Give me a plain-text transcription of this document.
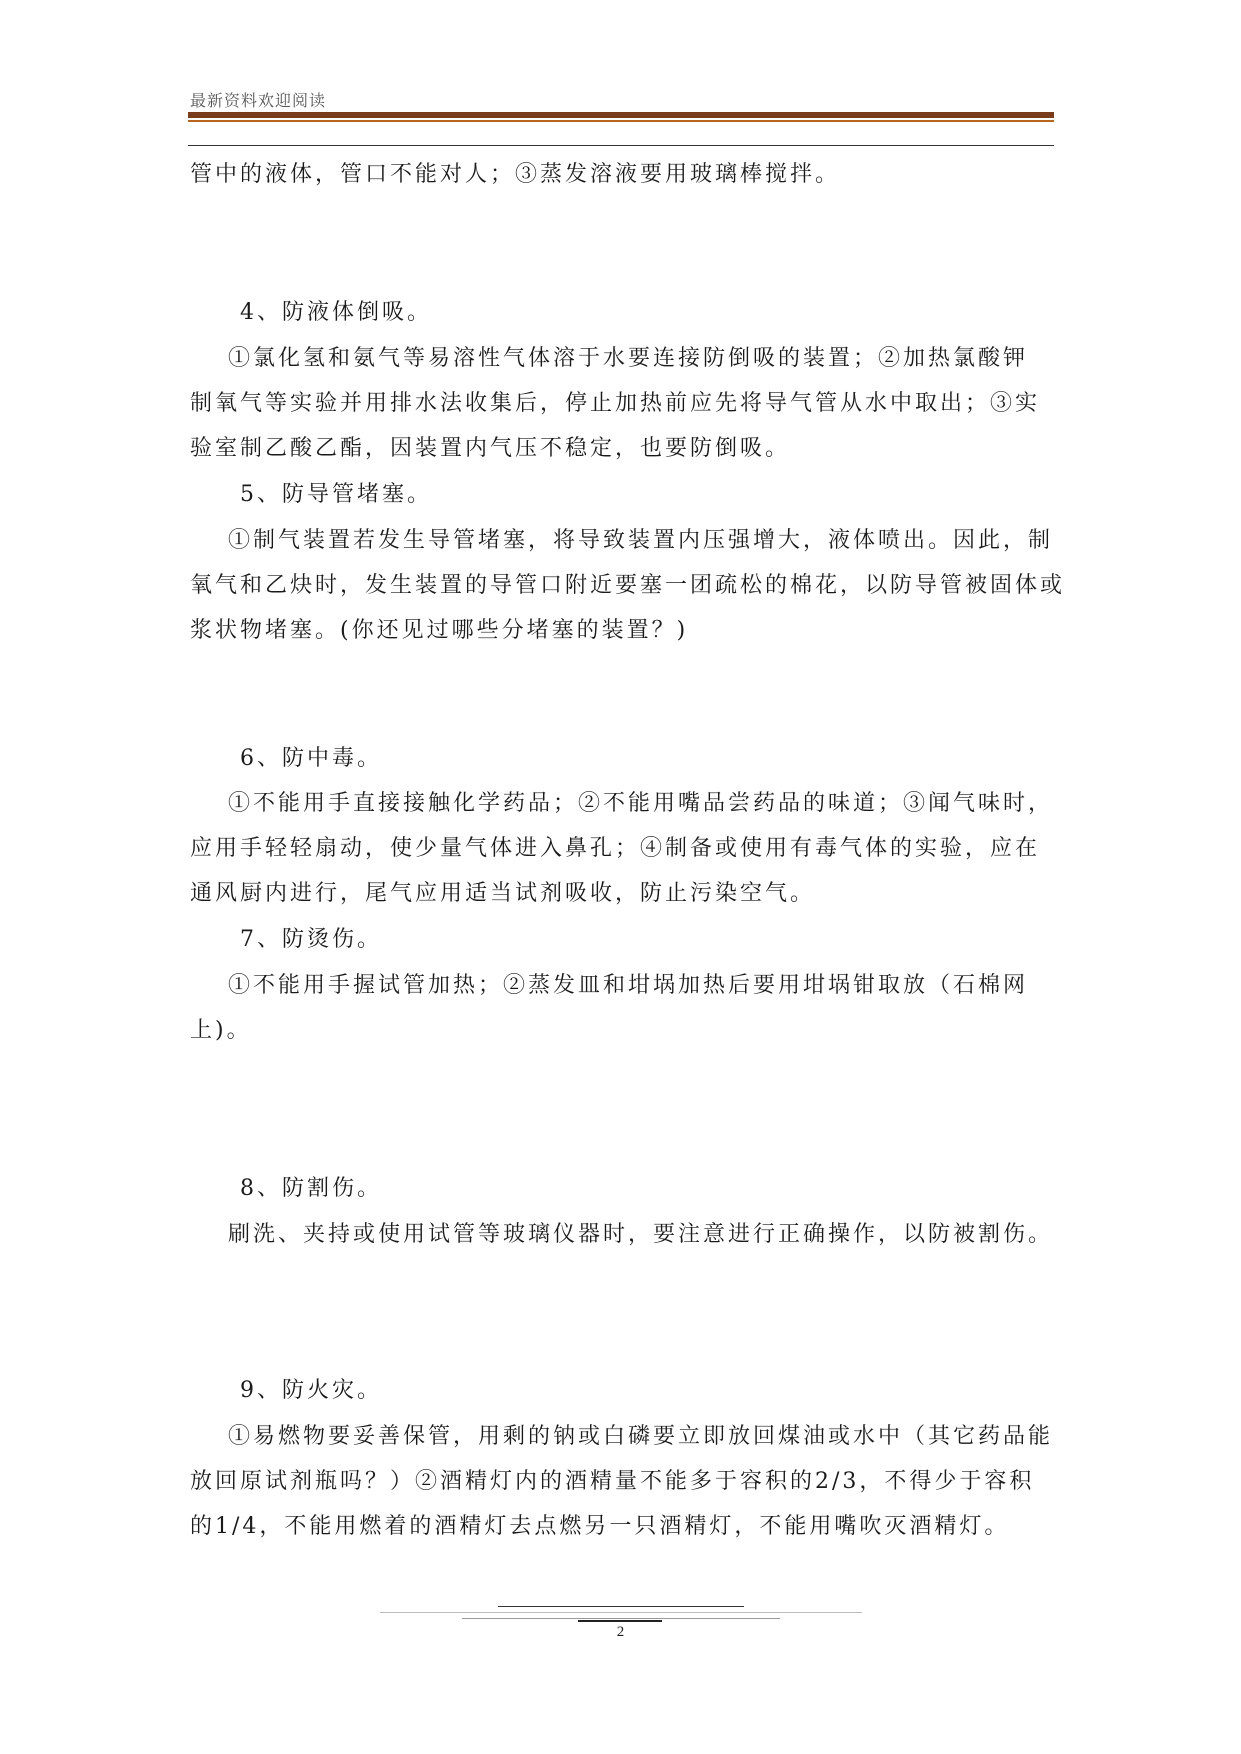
最新资料欢迎阅读
管中的液体，管口不能对人；③蒸发溶液要用玻璃棒搅拌。
4、防液体倒吸。
①氯化氢和氨气等易溶性气体溶于水要连接防倒吸的装置；②加热氯酸钾
制氧气等实验并用排水法收集后，停止加热前应先将导气管从水中取出；③实
验室制乙酸乙酯，因装置内气压不稳定，也要防倒吸。
5、防导管堵塞。
①制气装置若发生导管堵塞，将导致装置内压强增大，液体喷出。因此，制
氧气和乙炔时，发生装置的导管口附近要塞一团疏松的棉花，以防导管被固体或
浆状物堵塞。(你还见过哪些分堵塞的装置？)
6、防中毒。
①不能用手直接接触化学药品；②不能用嘴品尝药品的味道；③闻气味时，
应用手轻轻扇动，使少量气体进入鼻孔；④制备或使用有毒气体的实验，应在
通风厨内进行，尾气应用适当试剂吸收，防止污染空气。
7、防烫伤。
①不能用手握试管加热；②蒸发皿和坩埚加热后要用坩埚钳取放（石棉网
上)。
8、防割伤。
刷洗、夹持或使用试管等玻璃仪器时，要注意进行正确操作，以防被割伤。
9、防火灾。
①易燃物要妥善保管，用剩的钠或白磷要立即放回煤油或水中（其它药品能
放回原试剂瓶吗？）②酒精灯内的酒精量不能多于容积的2/3，不得少于容积
的1/4，不能用燃着的酒精灯去点燃另一只酒精灯，不能用嘴吹灭酒精灯。
2
